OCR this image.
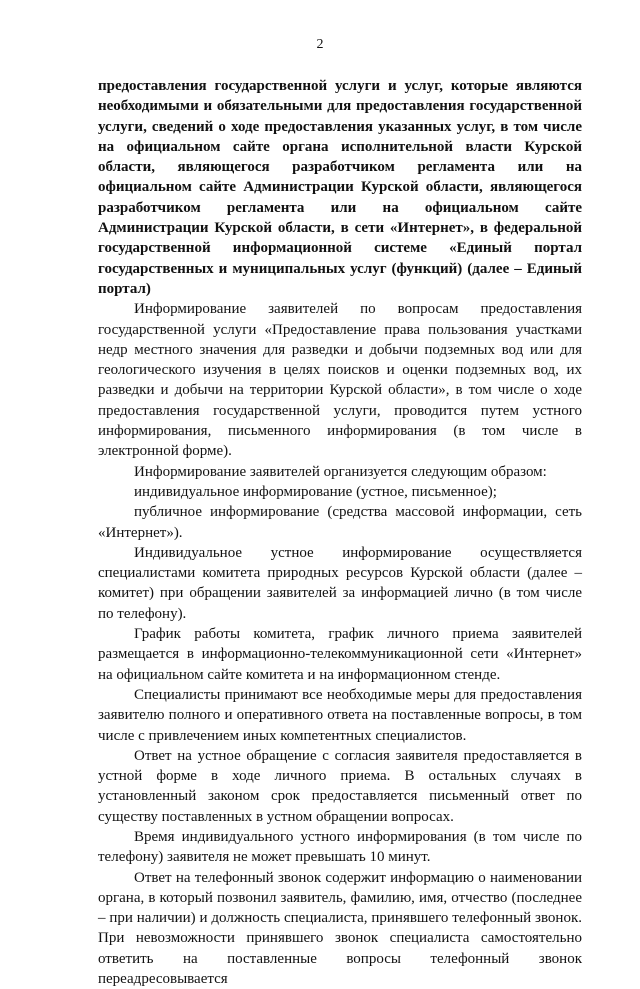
2

предоставления государственной услуги и услуг, которые являются необходимыми и обязательными для предоставления государственной услуги, сведений о ходе предоставления указанных услуг, в том числе на официальном сайте органа исполнительной власти Курской области, являющегося разработчиком регламента или на официальном сайте Администрации Курской области, являющегося разработчиком регламента или на официальном сайте Администрации Курской области, в сети «Интернет», в федеральной государственной информационной системе «Единый портал государственных и муниципальных услуг (функций) (далее – Единый портал)

Информирование заявителей по вопросам предоставления государственной услуги «Предоставление права пользования участками недр местного значения для разведки и добычи подземных вод или для геологического изучения в целях поисков и оценки подземных вод, их разведки и добычи на территории Курской области», в том числе о ходе предоставления государственной услуги, проводится путем устного информирования, письменного информирования (в том числе в электронной форме).

Информирование заявителей организуется следующим образом:

индивидуальное информирование (устное, письменное);

публичное информирование (средства массовой информации, сеть «Интернет»).

Индивидуальное устное информирование осуществляется специалистами комитета природных ресурсов Курской области (далее – комитет) при обращении заявителей за информацией лично (в том числе по телефону).

График работы комитета, график личного приема заявителей размещается в информационно-телекоммуникационной сети «Интернет» на официальном сайте комитета и на информационном стенде.

Специалисты принимают все необходимые меры для предоставления заявителю полного и оперативного ответа на поставленные вопросы, в том числе с привлечением иных компетентных специалистов.

Ответ на устное обращение с согласия заявителя предоставляется в устной форме в ходе личного приема. В остальных случаях в установленный законом срок предоставляется письменный ответ по существу поставленных в устном обращении вопросах.

Время индивидуального устного информирования (в том числе по телефону) заявителя не может превышать 10 минут.

Ответ на телефонный звонок содержит информацию о наименовании органа, в который позвонил заявитель, фамилию, имя, отчество (последнее – при наличии) и должность специалиста, принявшего телефонный звонок. При невозможности принявшего звонок специалиста самостоятельно ответить на поставленные вопросы телефонный звонок переадресовывается
